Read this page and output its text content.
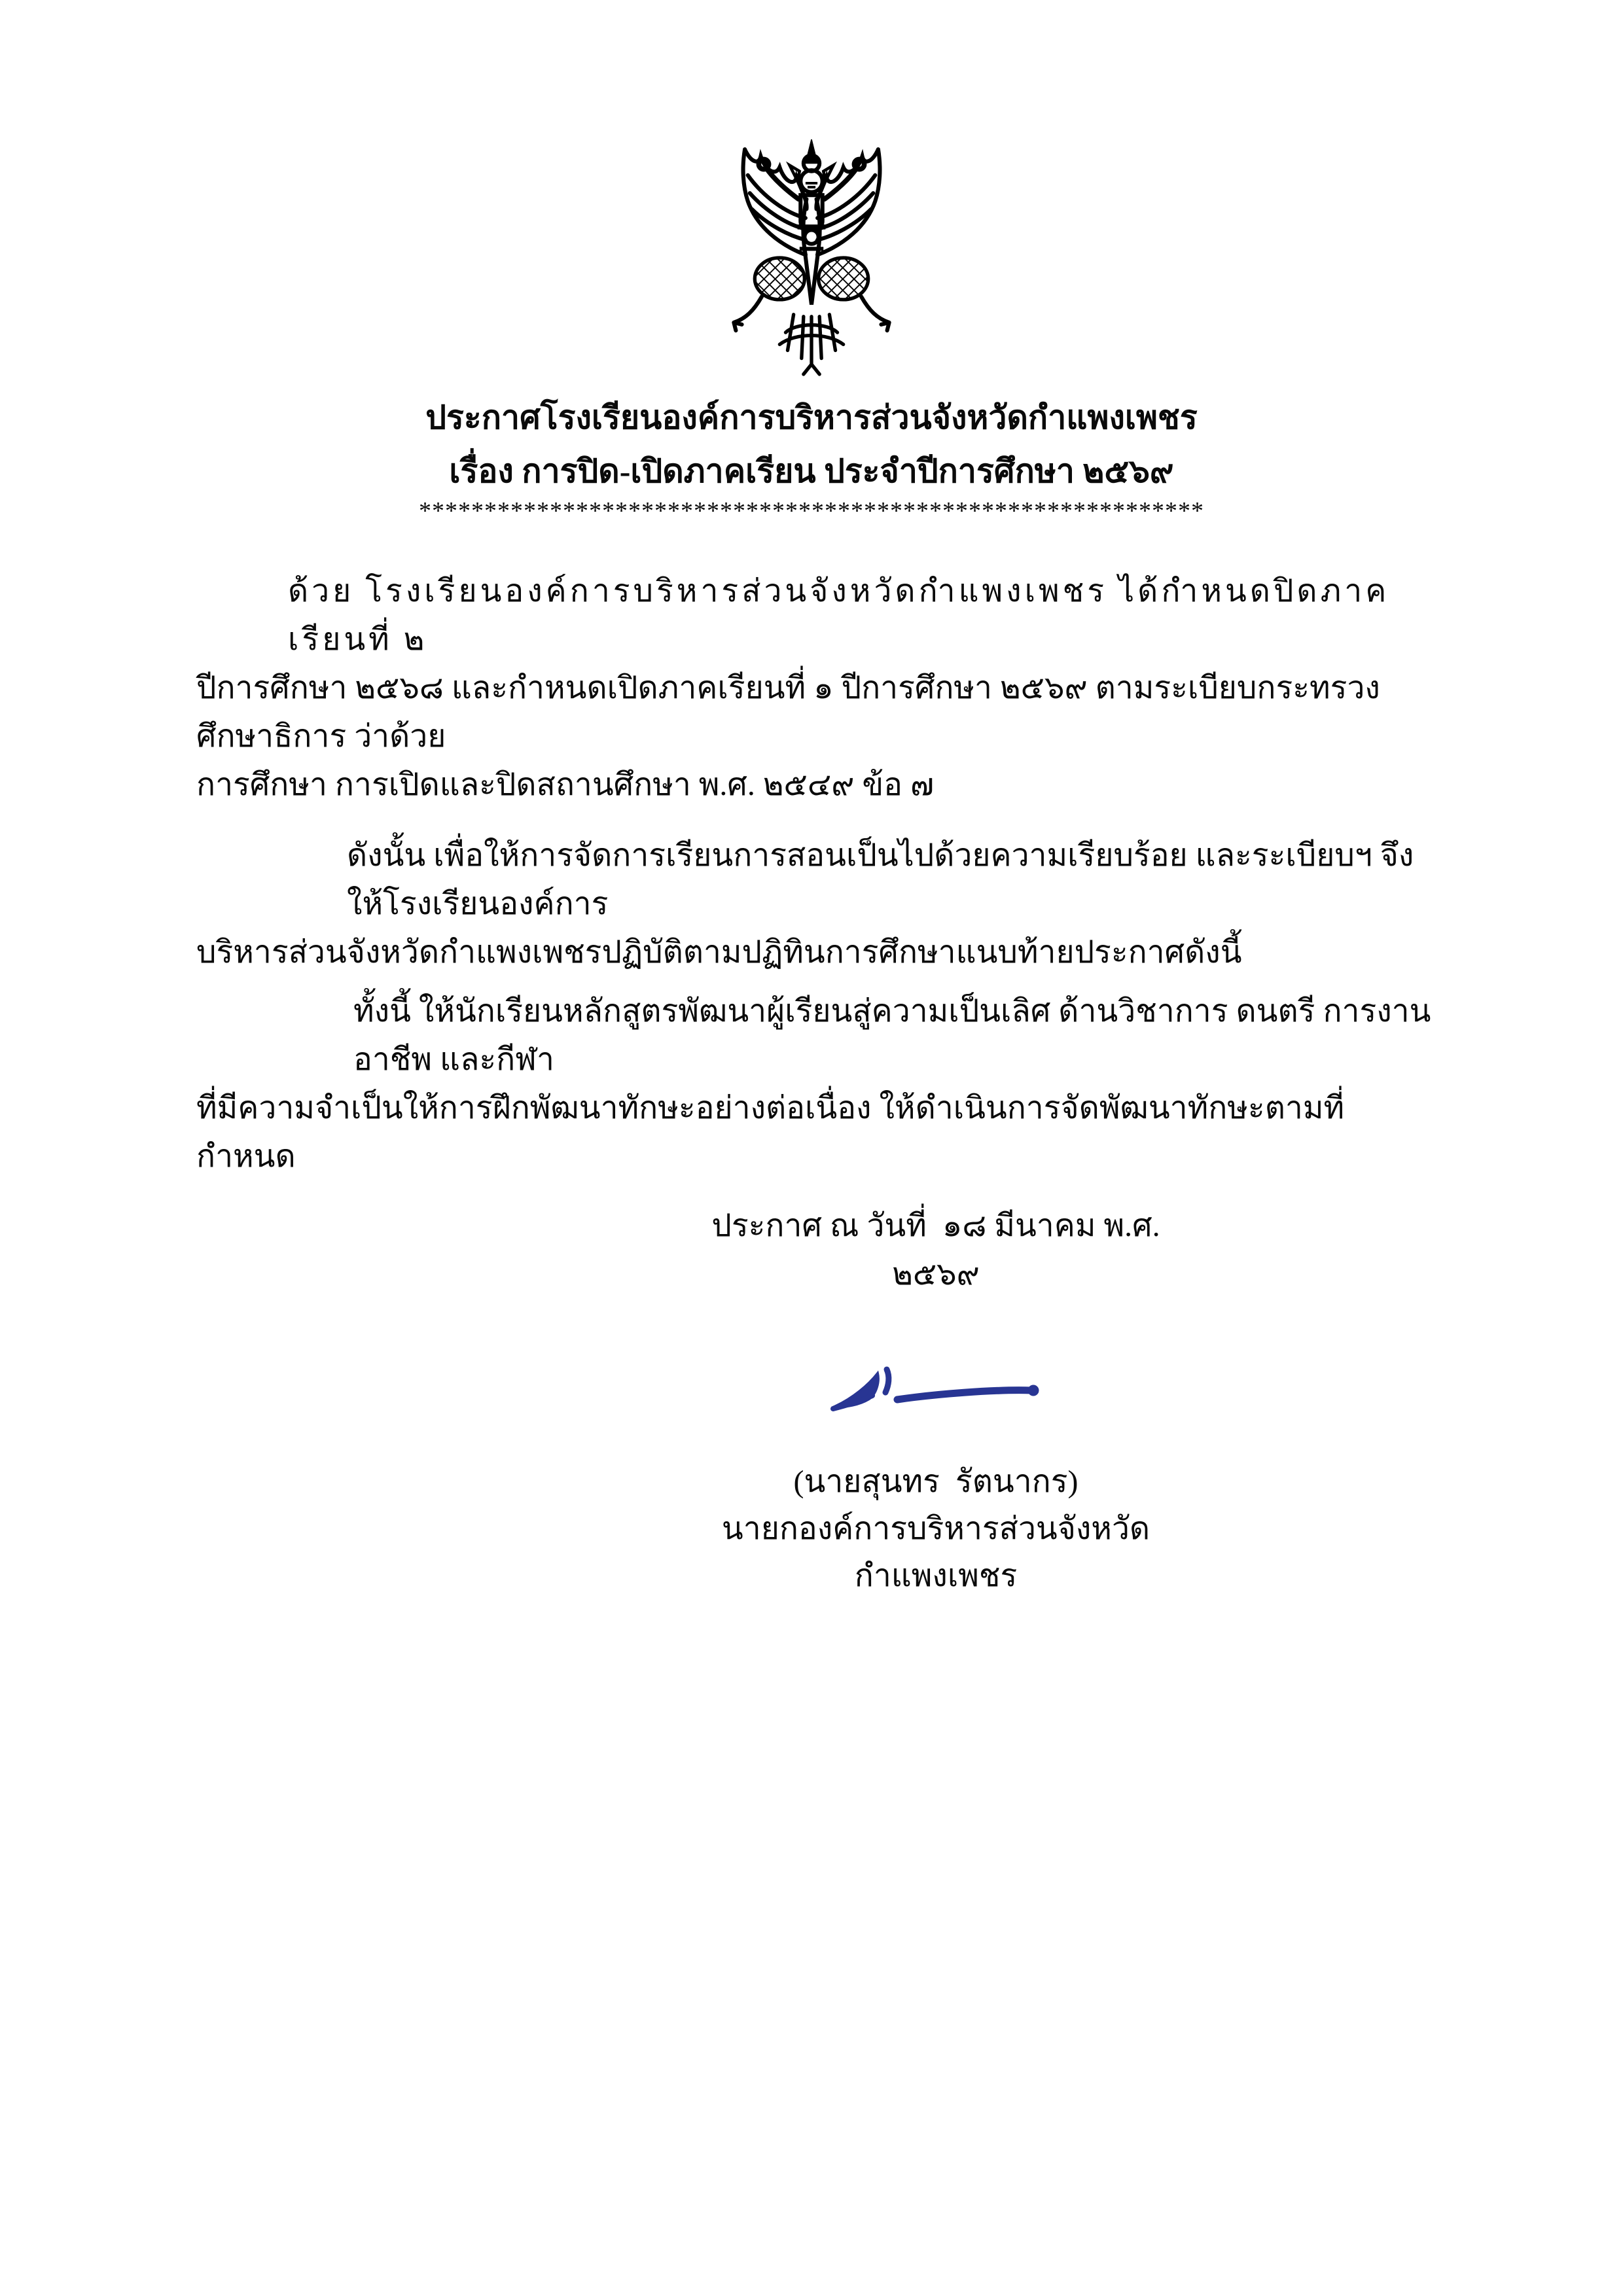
ประกาศโรงเรียนองค์การบริหารส่วนจังหวัดกำแพงเพชร
เรื่อง การปิด-เปิดภาคเรียน ประจำปีการศึกษา ๒๕๖๙
************************************************************
ด้วย โรงเรียนองค์การบริหารส่วนจังหวัดกำแพงเพชร ได้กำหนดปิดภาคเรียนที่ ๒
ปีการศึกษา ๒๕๖๘ และกำหนดเปิดภาคเรียนที่ ๑ ปีการศึกษา ๒๕๖๙ ตามระเบียบกระทรวงศึกษาธิการ ว่าด้วย
การศึกษา การเปิดและปิดสถานศึกษา พ.ศ. ๒๕๔๙ ข้อ ๗
ดังนั้น เพื่อให้การจัดการเรียนการสอนเป็นไปด้วยความเรียบร้อย และระเบียบฯ จึงให้โรงเรียนองค์การ
บริหารส่วนจังหวัดกำแพงเพชรปฏิบัติตามปฏิทินการศึกษาแนบท้ายประกาศดังนี้
ทั้งนี้ ให้นักเรียนหลักสูตรพัฒนาผู้เรียนสู่ความเป็นเลิศ ด้านวิชาการ ดนตรี การงานอาชีพ และกีฬา
ที่มีความจำเป็นให้การฝึกพัฒนาทักษะอย่างต่อเนื่อง ให้ดำเนินการจัดพัฒนาทักษะตามที่กำหนด
ประกาศ ณ วันที่  ๑๘ มีนาคม พ.ศ. ๒๕๖๙
(นายสุนทร  รัตนากร)
นายกองค์การบริหารส่วนจังหวัดกำแพงเพชร
